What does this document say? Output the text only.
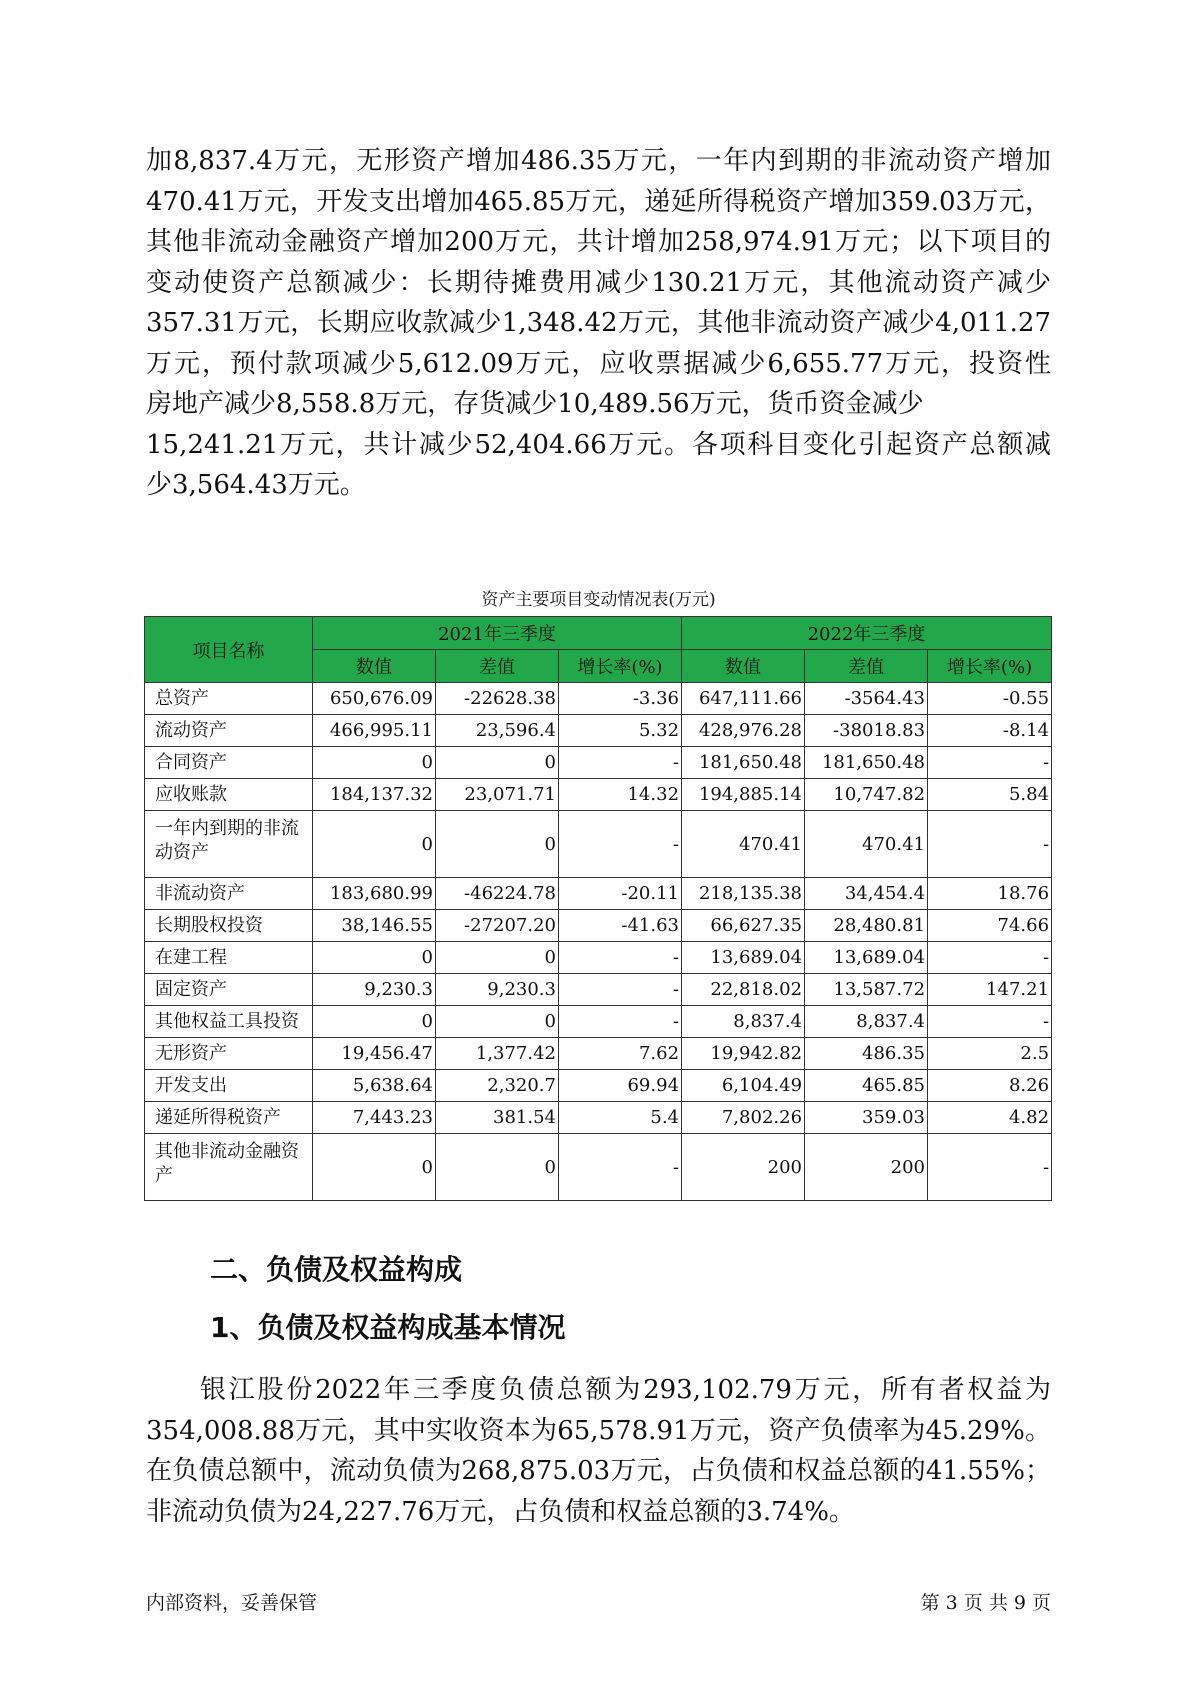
加8,837.4万元，无形资产增加486.35万元，一年内到期的非流动资产增加

470.41万元，开发支出增加465.85万元，递延所得税资产增加359.03万元，

其他非流动金融资产增加200万元，共计增加258,974.91万元；以下项目的

变动使资产总额减少：长期待摊费用减少130.21万元，其他流动资产减少

357.31万元，长期应收款减少1,348.42万元，其他非流动资产减少4,011.27

万元，预付款项减少5,612.09万元，应收票据减少6,655.77万元，投资性

房地产减少8,558.8万元，存货减少10,489.56万元，货币资金减少

15,241.21万元，共计减少52,404.66万元。各项科目变化引起资产总额减

少3,564.43万元。

资产主要项目变动情况表(万元)
项目名称	2021年三季度			2022年三季度		
	数值	差值	增长率(%)	数值	差值	增长率(%)
总资产	650,676.09	-22628.38	-3.36	647,111.66	-3564.43	-0.55
流动资产	466,995.11	23,596.4	5.32	428,976.28	-38018.83	-8.14
合同资产	0	0	-	181,650.48	181,650.48	-
应收账款	184,137.32	23,071.71	14.32	194,885.14	10,747.82	5.84
一年内到期的非流动资产	0	0	-	470.41	470.41	-
非流动资产	183,680.99	-46224.78	-20.11	218,135.38	34,454.4	18.76
长期股权投资	38,146.55	-27207.20	-41.63	66,627.35	28,480.81	74.66
在建工程	0	0	-	13,689.04	13,689.04	-
固定资产	9,230.3	9,230.3	-	22,818.02	13,587.72	147.21
其他权益工具投资	0	0	-	8,837.4	8,837.4	-
无形资产	19,456.47	1,377.42	7.62	19,942.82	486.35	2.5
开发支出	5,638.64	2,320.7	69.94	6,104.49	465.85	8.26
递延所得税资产	7,443.23	381.54	5.4	7,802.26	359.03	4.82
其他非流动金融资产	0	0	-	200	200	-
二、负债及权益构成
1、负债及权益构成基本情况

银江股份2022年三季度负债总额为293,102.79万元，所有者权益为

354,008.88万元，其中实收资本为65,578.91万元，资产负债率为45.29%。

在负债总额中，流动负债为268,875.03万元，占负债和权益总额的41.55%；

非流动负债为24,227.76万元，占负债和权益总额的3.74%。

内部资料，妥善保管	第 3 页 共 9 页
